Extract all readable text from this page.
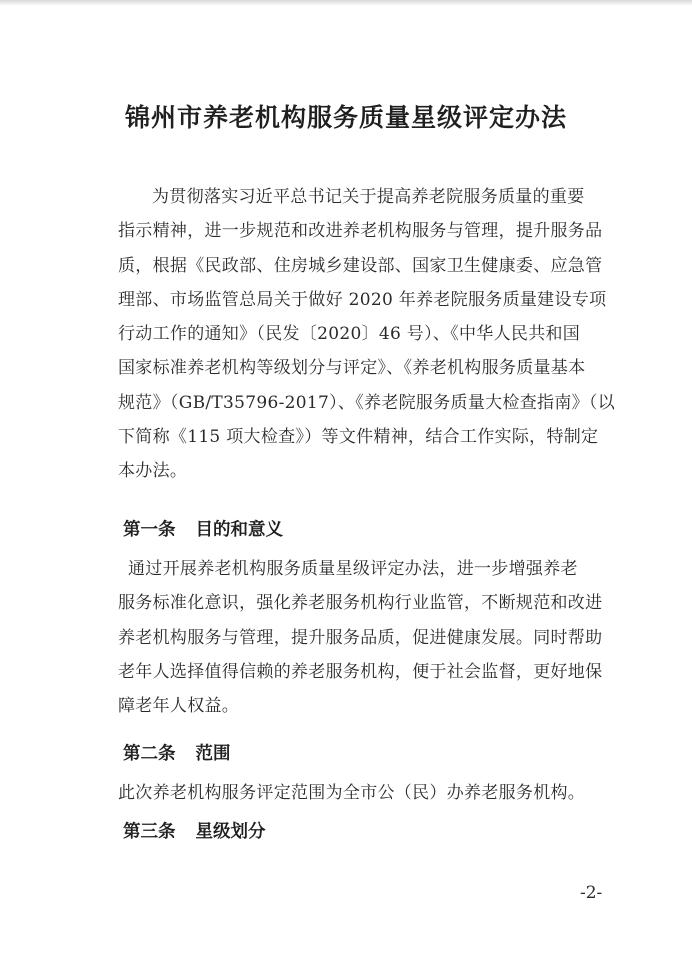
锦州市养老机构服务质量星级评定办法
为贯彻落实习近平总书记关于提高养老院服务质量的重要
指示精神，进一步规范和改进养老机构服务与管理，提升服务品
质，根据《民政部、住房城乡建设部、国家卫生健康委、应急管
理部、市场监管总局关于做好 2020 年养老院服务质量建设专项
行动工作的通知》（民发〔2020〕46 号）、《中华人民共和国
国家标准养老机构等级划分与评定》、《养老机构服务质量基本
规范》（GB/T35796-2017）、《养老院服务质量大检查指南》（以
下简称《115 项大检查》）等文件精神，结合工作实际，特制定
本办法。
第一条 目的和意义
通过开展养老机构服务质量星级评定办法，进一步增强养老
服务标准化意识，强化养老服务机构行业监管，不断规范和改进
养老机构服务与管理，提升服务品质，促进健康发展。同时帮助
老年人选择值得信赖的养老服务机构，便于社会监督，更好地保
障老年人权益。
第二条 范围
此次养老机构服务评定范围为全市公（民）办养老服务机构。
第三条 星级划分
-2-
